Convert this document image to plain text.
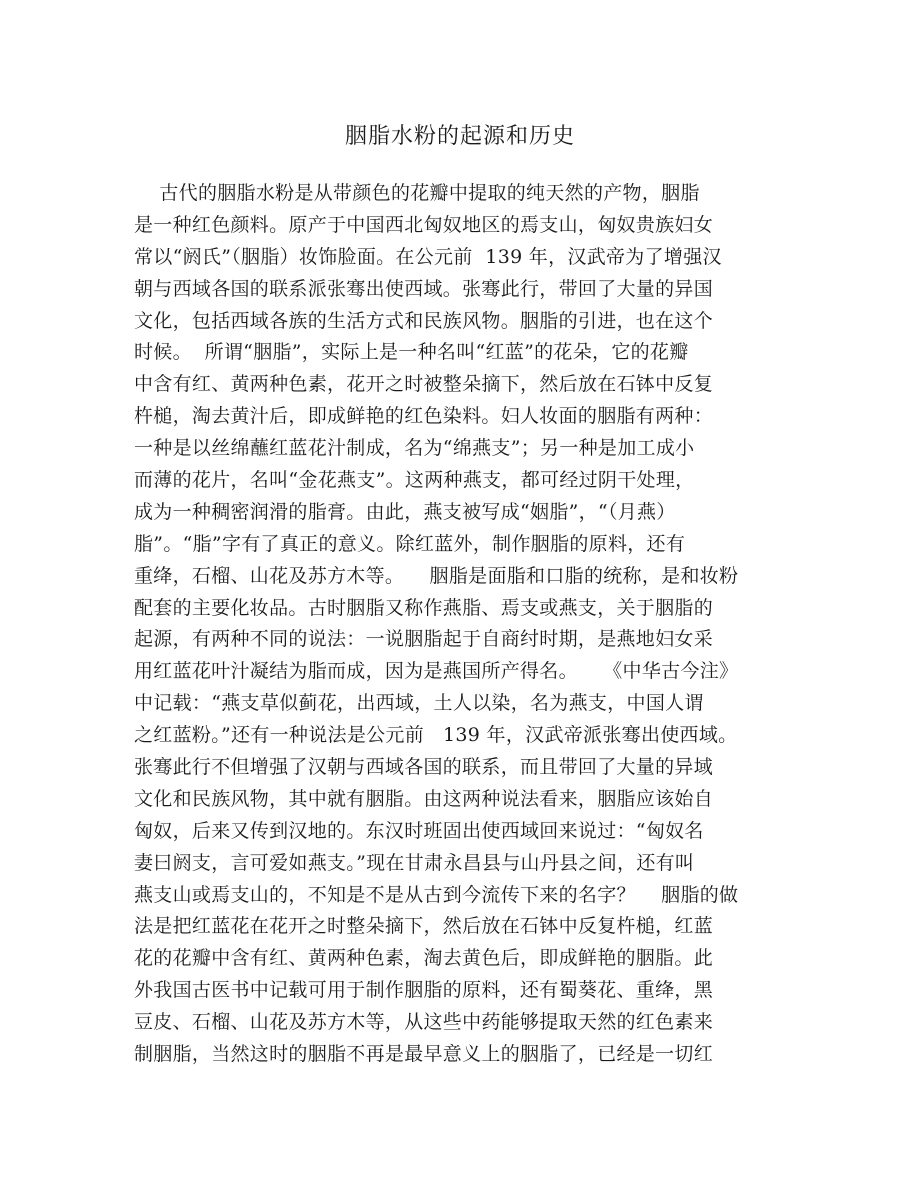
胭脂水粉的起源和历史
古代的胭脂水粉是从带颜色的花瓣中提取的纯天然的产物，胭脂
是一种红色颜料。原产于中国西北匈奴地区的焉支山，匈奴贵族妇女
常以“阏氏”（胭脂）妆饰脸面。在公元前  139 年，汉武帝为了增强汉
朝与西域各国的联系派张骞出使西域。张骞此行，带回了大量的异国
文化，包括西域各族的生活方式和民族风物。胭脂的引进，也在这个
时候。  所谓“胭脂”，实际上是一种名叫“红蓝”的花朵，它的花瓣
中含有红、黄两种色素，花开之时被整朵摘下，然后放在石钵中反复
杵槌，淘去黄汁后，即成鲜艳的红色染料。妇人妆面的胭脂有两种：
一种是以丝绵蘸红蓝花汁制成，名为“绵燕支”；另一种是加工成小
而薄的花片，名叫“金花燕支”。这两种燕支，都可经过阴干处理，
成为一种稠密润滑的脂膏。由此，燕支被写成“姻脂”，“（月燕）
脂”。“脂”字有了真正的意义。除红蓝外，制作胭脂的原料，还有
重绛，石榴、山花及苏方木等。    胭脂是面脂和口脂的统称，是和妆粉
配套的主要化妆品。古时胭脂又称作燕脂、焉支或燕支，关于胭脂的
起源，有两种不同的说法：一说胭脂起于自商纣时期，是燕地妇女采
用红蓝花叶汁凝结为脂而成，因为是燕国所产得名。    《中华古今注》
中记载：“燕支草似蓟花，出西域，土人以染，名为燕支，中国人谓
之红蓝粉。”还有一种说法是公元前   139 年，汉武帝派张骞出使西域。
张骞此行不但增强了汉朝与西域各国的联系，而且带回了大量的异域
文化和民族风物，其中就有胭脂。由这两种说法看来，胭脂应该始自
匈奴，后来又传到汉地的。东汉时班固出使西域回来说过：“匈奴名
妻曰阏支，言可爱如燕支。”现在甘肃永昌县与山丹县之间，还有叫
燕支山或焉支山的，不知是不是从古到今流传下来的名字？    胭脂的做
法是把红蓝花在花开之时整朵摘下，然后放在石钵中反复杵槌，红蓝
花的花瓣中含有红、黄两种色素，淘去黄色后，即成鲜艳的胭脂。此
外我国古医书中记载可用于制作胭脂的原料，还有蜀葵花、重绛，黑
豆皮、石榴、山花及苏方木等，从这些中药能够提取天然的红色素来
制胭脂，当然这时的胭脂不再是最早意义上的胭脂了，已经是一切红
